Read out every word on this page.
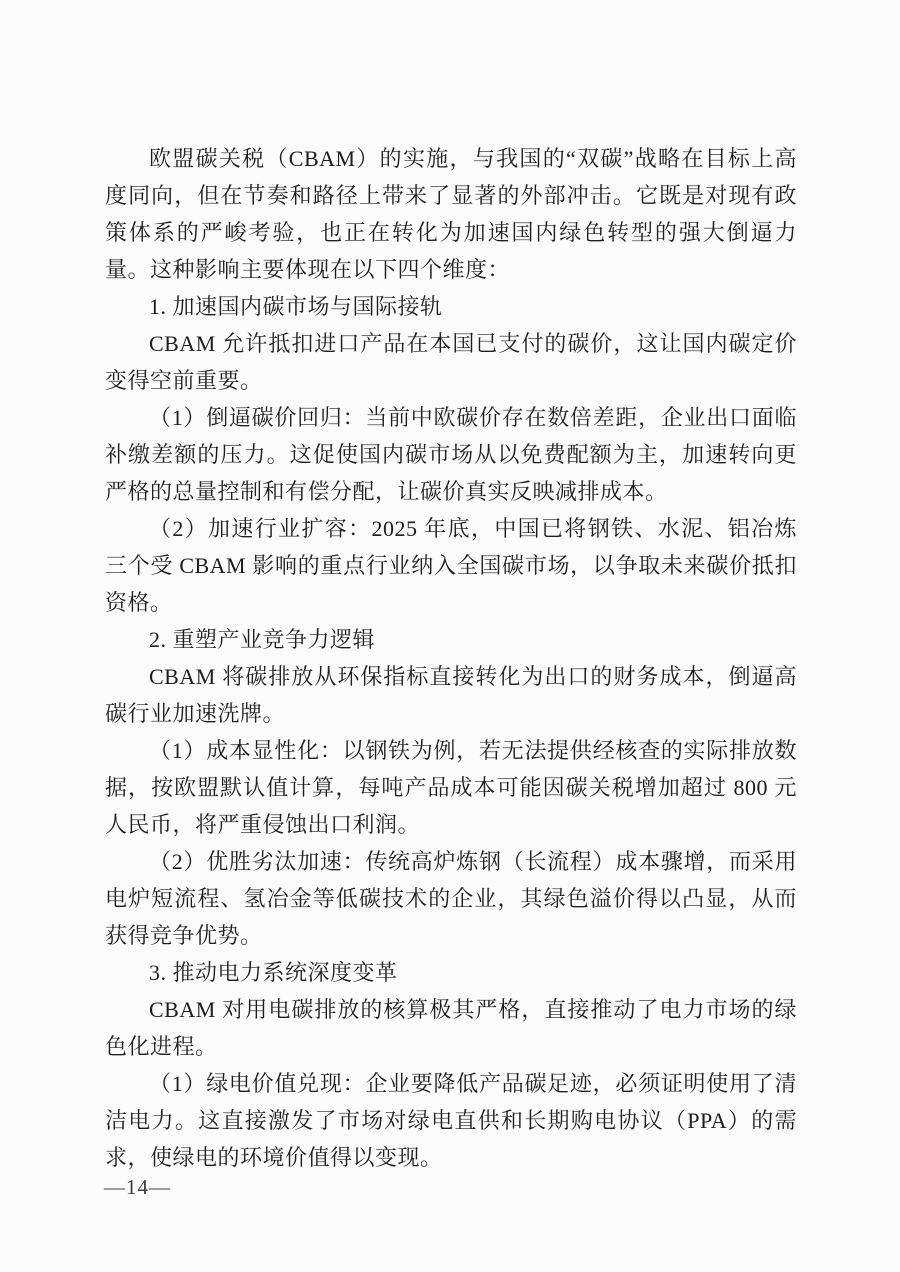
欧盟碳关税（CBAM）的实施，与我国的“双碳”战略在目标上高度同向，但在节奏和路径上带来了显著的外部冲击。它既是对现有政策体系的严峻考验，也正在转化为加速国内绿色转型的强大倒逼力量。这种影响主要体现在以下四个维度：

1. 加速国内碳市场与国际接轨

CBAM 允许抵扣进口产品在本国已支付的碳价，这让国内碳定价变得空前重要。

（1）倒逼碳价回归：当前中欧碳价存在数倍差距，企业出口面临补缴差额的压力。这促使国内碳市场从以免费配额为主，加速转向更严格的总量控制和有偿分配，让碳价真实反映减排成本。

（2）加速行业扩容：2025 年底，中国已将钢铁、水泥、铝冶炼三个受 CBAM 影响的重点行业纳入全国碳市场，以争取未来碳价抵扣资格。

2. 重塑产业竞争力逻辑

CBAM 将碳排放从环保指标直接转化为出口的财务成本，倒逼高碳行业加速洗牌。

（1）成本显性化：以钢铁为例，若无法提供经核查的实际排放数据，按欧盟默认值计算，每吨产品成本可能因碳关税增加超过 800 元人民币，将严重侵蚀出口利润。

（2）优胜劣汰加速：传统高炉炼钢（长流程）成本骤增，而采用电炉短流程、氢冶金等低碳技术的企业，其绿色溢价得以凸显，从而获得竞争优势。

3. 推动电力系统深度变革

CBAM 对用电碳排放的核算极其严格，直接推动了电力市场的绿色化进程。

（1）绿电价值兑现：企业要降低产品碳足迹，必须证明使用了清洁电力。这直接激发了市场对绿电直供和长期购电协议（PPA）的需求，使绿电的环境价值得以变现。

—14—
